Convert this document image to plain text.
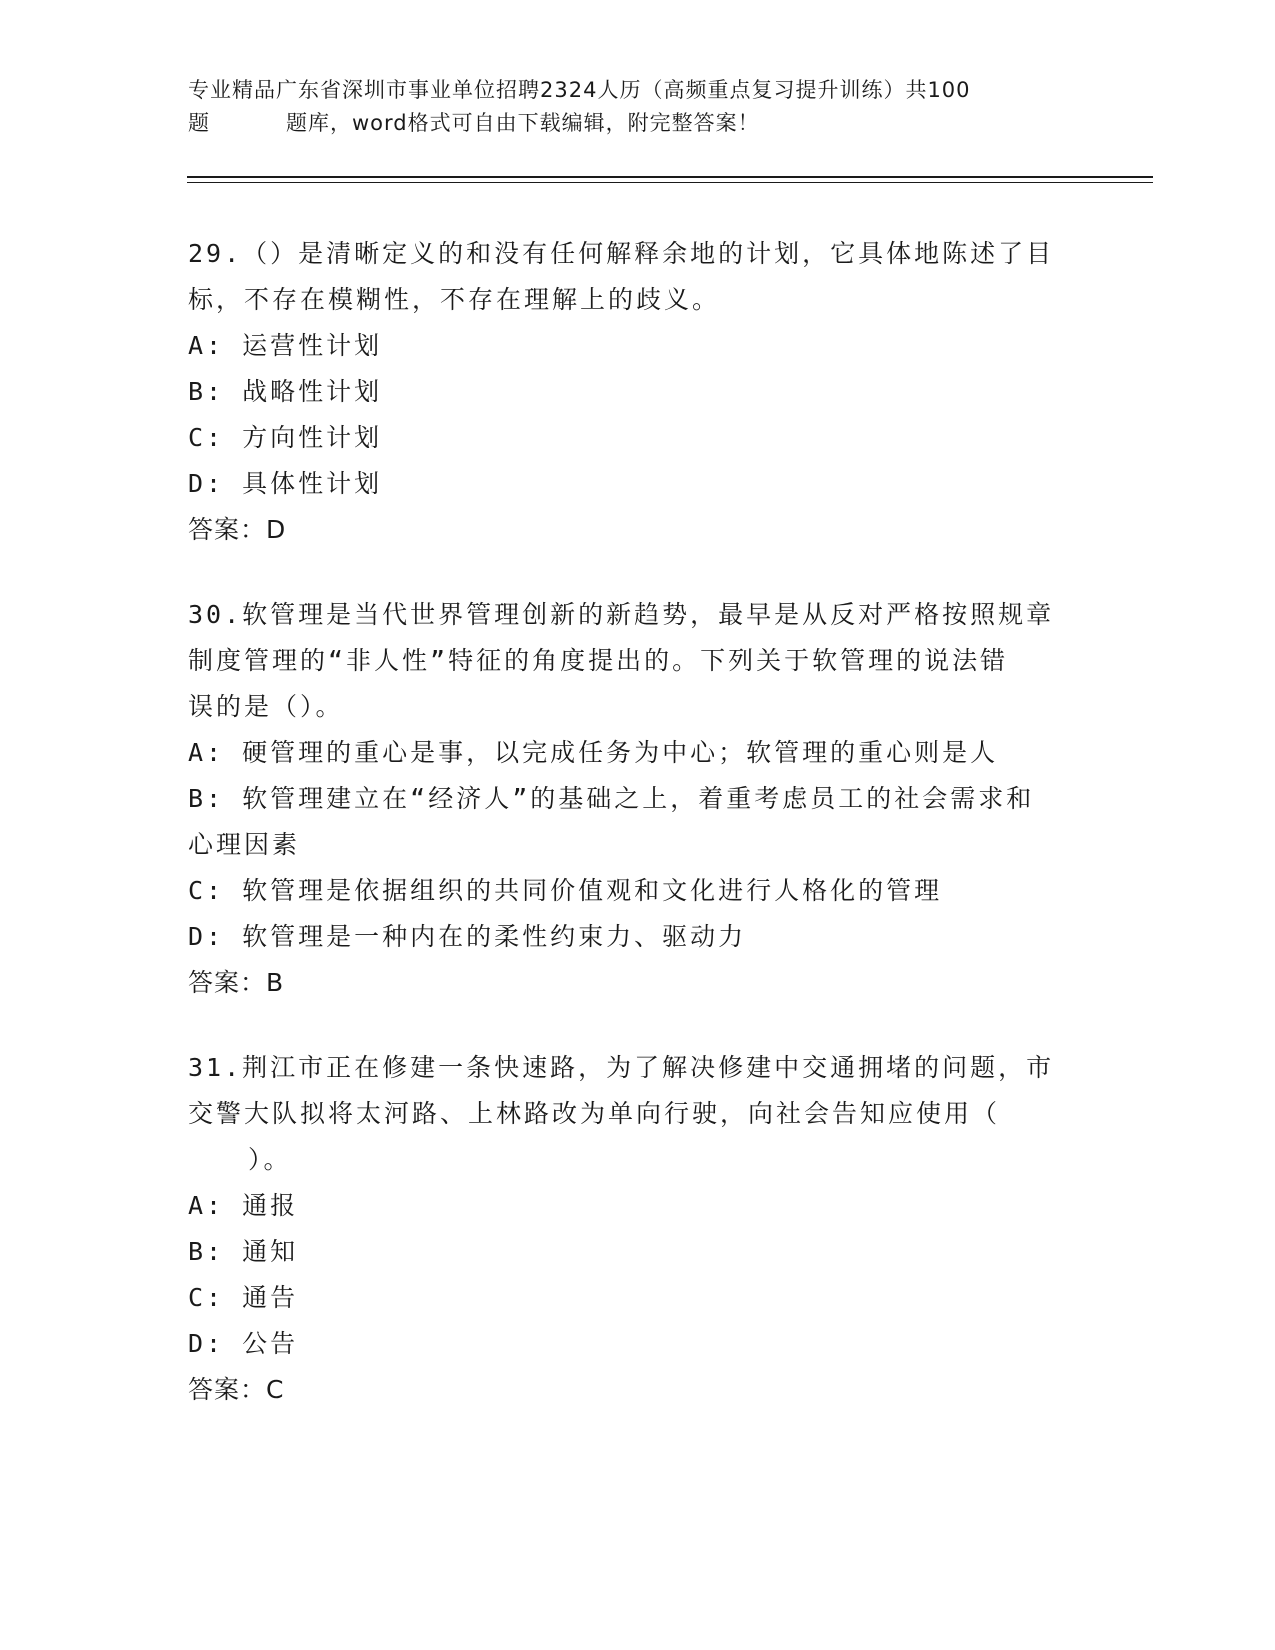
专业精品广东省深圳市事业单位招聘2324人历（高频重点复习提升训练）共100
题	题库，word格式可自由下载编辑，附完整答案！
29.（）是清晰定义的和没有任何解释余地的计划，它具体地陈述了目
标，不存在模糊性，不存在理解上的歧义。
A: 运营性计划
B: 战略性计划
C: 方向性计划
D: 具体性计划
答案：D
30.软管理是当代世界管理创新的新趋势，最早是从反对严格按照规章
制度管理的“非人性”特征的角度提出的。下列关于软管理的说法错
误的是（）。
A: 硬管理的重心是事，以完成任务为中心；软管理的重心则是人
B: 软管理建立在“经济人”的基础之上，着重考虑员工的社会需求和
心理因素
C: 软管理是依据组织的共同价值观和文化进行人格化的管理
D: 软管理是一种内在的柔性约束力、驱动力
答案：B
31.荆江市正在修建一条快速路，为了解决修建中交通拥堵的问题，市
交警大队拟将太河路、上林路改为单向行驶，向社会告知应使用（
）。
A: 通报
B: 通知
C: 通告
D: 公告
答案：C
